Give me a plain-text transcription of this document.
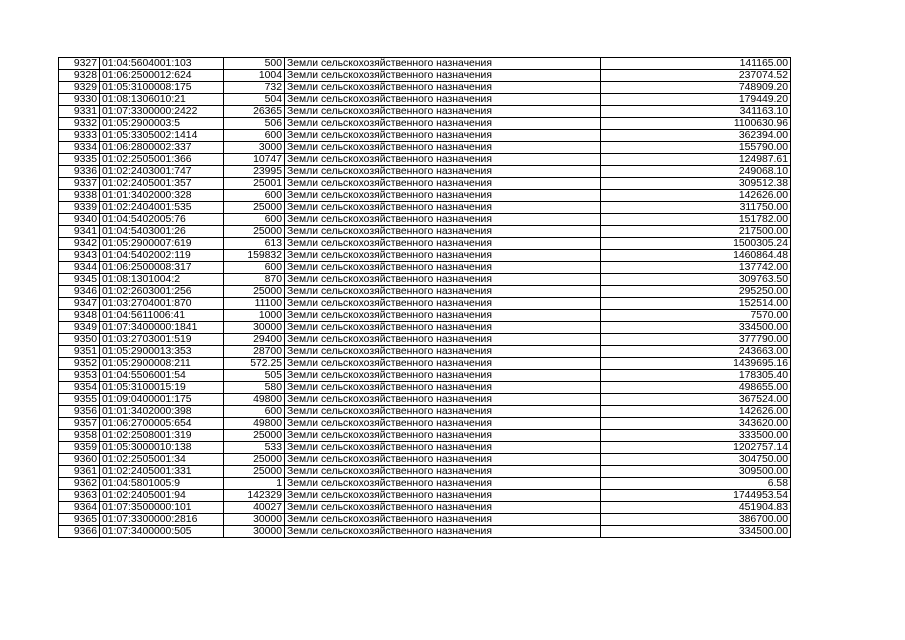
9327	01:04:5604001:103	500	Земли сельскохозяйственного назначения	141165.00
9328	01:06:2500012:624	1004	Земли сельскохозяйственного назначения	237074.52
9329	01:05:3100008:175	732	Земли сельскохозяйственного назначения	748909.20
9330	01:08:1306010:21	504	Земли сельскохозяйственного назначения	179449.20
9331	01:07:3300000:2422	26365	Земли сельскохозяйственного назначения	341163.10
9332	01:05:2900003:5	506	Земли сельскохозяйственного назначения	1100630.96
9333	01:05:3305002:1414	600	Земли сельскохозяйственного назначения	362394.00
9334	01:06:2800002:337	3000	Земли сельскохозяйственного назначения	155790.00
9335	01:02:2505001:366	10747	Земли сельскохозяйственного назначения	124987.61
9336	01:02:2403001:747	23995	Земли сельскохозяйственного назначения	249068.10
9337	01:02:2405001:357	25001	Земли сельскохозяйственного назначения	309512.38
9338	01:01:3402000:328	600	Земли сельскохозяйственного назначения	142626.00
9339	01:02:2404001:535	25000	Земли сельскохозяйственного назначения	311750.00
9340	01:04:5402005:76	600	Земли сельскохозяйственного назначения	151782.00
9341	01:04:5403001:26	25000	Земли сельскохозяйственного назначения	217500.00
9342	01:05:2900007:619	613	Земли сельскохозяйственного назначения	1500305.24
9343	01:04:5402002:119	159832	Земли сельскохозяйственного назначения	1460864.48
9344	01:06:2500008:317	600	Земли сельскохозяйственного назначения	137742.00
9345	01:08:1301004:2	870	Земли сельскохозяйственного назначения	309763.50
9346	01:02:2603001:256	25000	Земли сельскохозяйственного назначения	295250.00
9347	01:03:2704001:870	11100	Земли сельскохозяйственного назначения	152514.00
9348	01:04:5611006:41	1000	Земли сельскохозяйственного назначения	7570.00
9349	01:07:3400000:1841	30000	Земли сельскохозяйственного назначения	334500.00
9350	01:03:2703001:519	29400	Земли сельскохозяйственного назначения	377790.00
9351	01:05:2900013:353	28700	Земли сельскохозяйственного назначения	243663.00
9352	01:05:2900008:211	572.25	Земли сельскохозяйственного назначения	1439695.16
9353	01:04:5506001:54	505	Земли сельскохозяйственного назначения	178305.40
9354	01:05:3100015:19	580	Земли сельскохозяйственного назначения	498655.00
9355	01:09:0400001:175	49800	Земли сельскохозяйственного назначения	367524.00
9356	01:01:3402000:398	600	Земли сельскохозяйственного назначения	142626.00
9357	01:06:2700005:654	49800	Земли сельскохозяйственного назначения	343620.00
9358	01:02:2508001:319	25000	Земли сельскохозяйственного назначения	333500.00
9359	01:05:3000010:138	533	Земли сельскохозяйственного назначения	1202757.14
9360	01:02:2505001:34	25000	Земли сельскохозяйственного назначения	304750.00
9361	01:02:2405001:331	25000	Земли сельскохозяйственного назначения	309500.00
9362	01:04:5801005:9	1	Земли сельскохозяйственного назначения	6.58
9363	01:02:2405001:94	142329	Земли сельскохозяйственного назначения	1744953.54
9364	01:07:3500000:101	40027	Земли сельскохозяйственного назначения	451904.83
9365	01:07:3300000:2816	30000	Земли сельскохозяйственного назначения	386700.00
9366	01:07:3400000:505	30000	Земли сельскохозяйственного назначения	334500.00
